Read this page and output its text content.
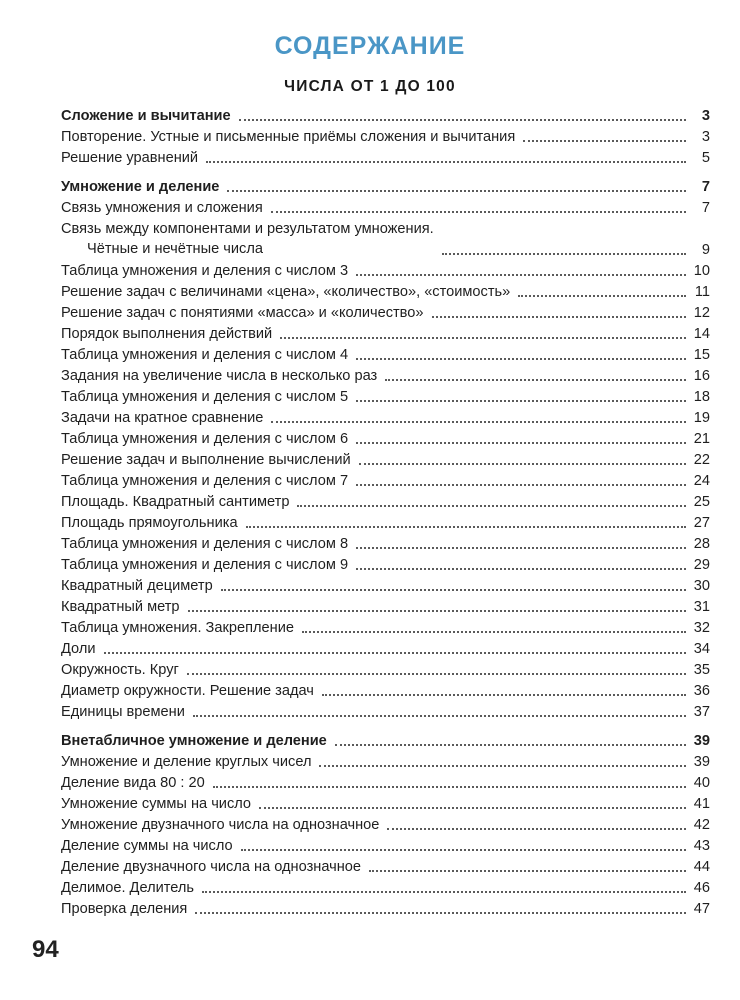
СОДЕРЖАНИЕ
ЧИСЛА ОТ 1 ДО 100
Сложение и вычитание	3
Повторение. Устные и письменные приёмы сложения и вычитания	3
Решение уравнений	5
Умножение и деление	7
Связь умножения и сложения	7
Связь между компонентами и результатом умножения.

Чётные и нечётные числа	9
Таблица умножения и деления с числом 3	10
Решение задач с величинами «цена», «количество», «стоимость»	11
Решение задач с понятиями «масса» и «количество»	12
Порядок выполнения действий	14
Таблица умножения и деления с числом 4	15
Задания на увеличение числа в несколько раз	16
Таблица умножения и деления с числом 5	18
Задачи на кратное сравнение	19
Таблица умножения и деления с числом 6	21
Решение задач и выполнение вычислений	22
Таблица умножения и деления с числом 7	24
Площадь. Квадратный сантиметр	25
Площадь прямоугольника	27
Таблица умножения и деления с числом 8	28
Таблица умножения и деления с числом 9	29
Квадратный дециметр	30
Квадратный метр	31
Таблица умножения. Закрепление	32
Доли	34
Окружность. Круг	35
Диаметр окружности. Решение задач	36
Единицы времени	37
Внетабличное умножение и деление	39
Умножение и деление круглых чисел	39
Деление вида 80 : 20	40
Умножение суммы на число	41
Умножение двузначного числа на однозначное	42
Деление суммы на число	43
Деление двузначного числа на однозначное	44
Делимое. Делитель	46
Проверка деления	47
94
